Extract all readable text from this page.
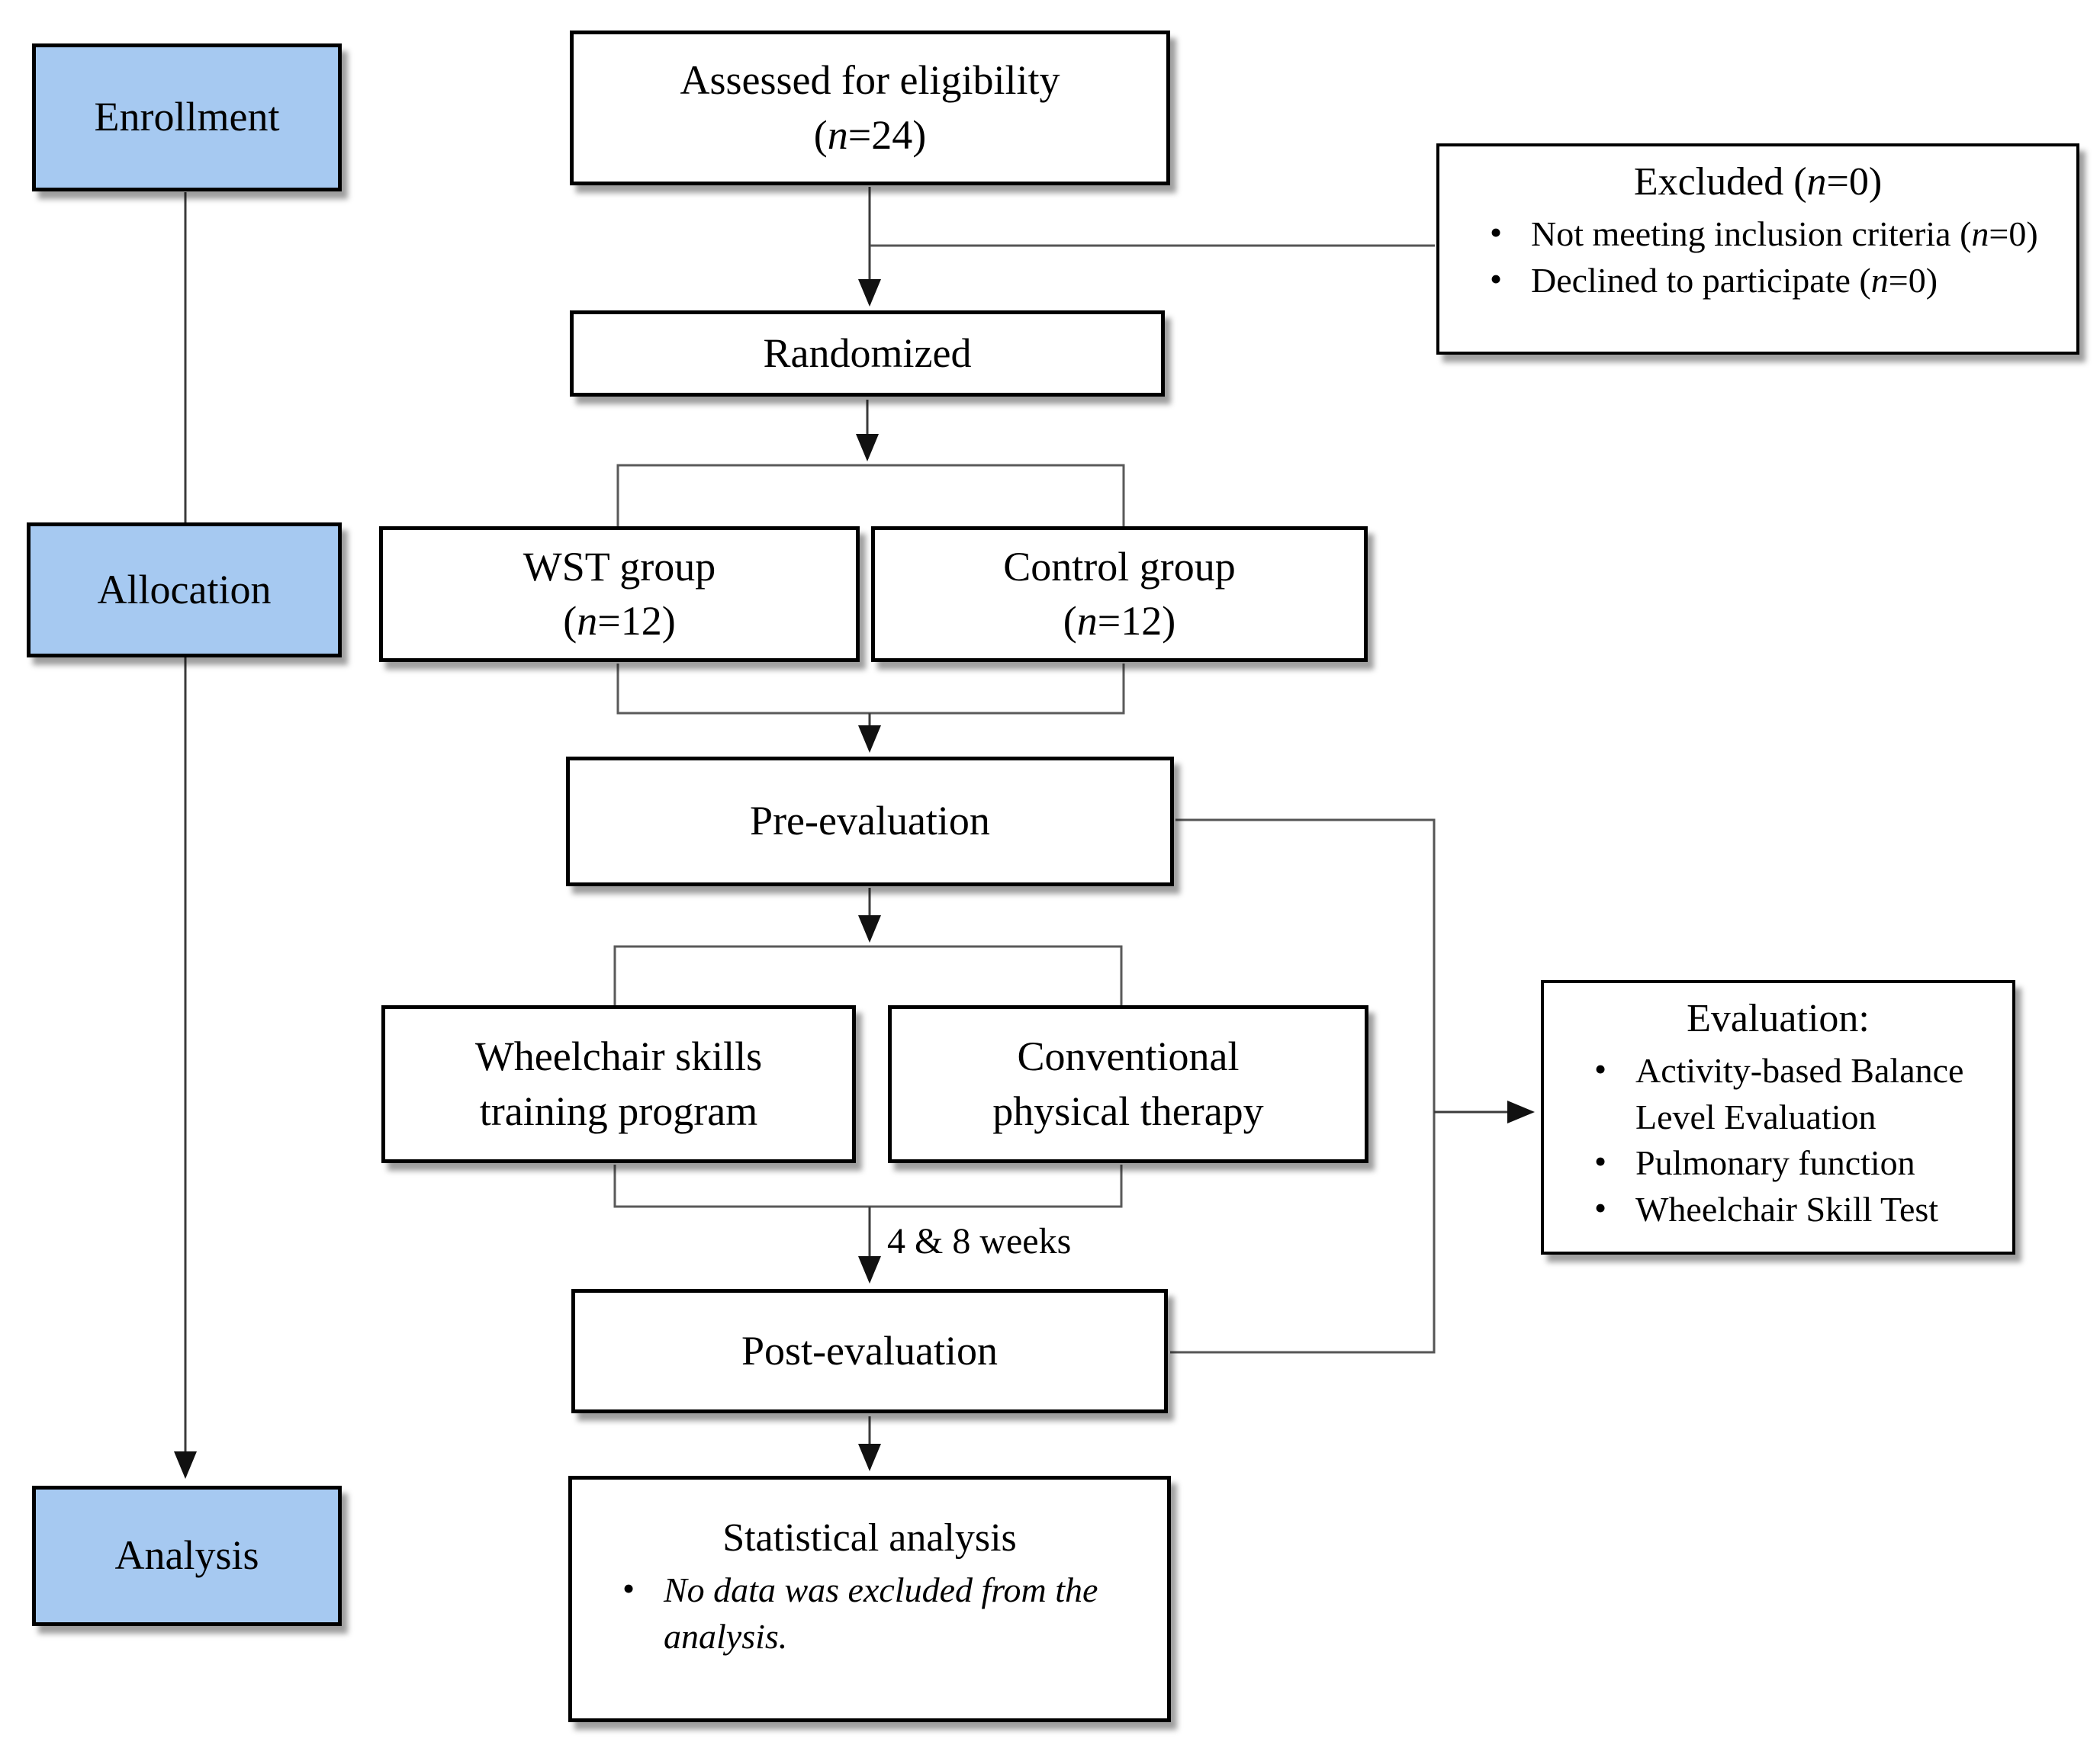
Enrollment
Allocation
Analysis
Assessed for eligibility
(n=24)
Excluded (n=0)
• Not meeting inclusion criteria (n=0)
• Declined to participate (n=0)
Randomized
WST group
(n=12)
Control group
(n=12)
Pre-evaluation
Wheelchair skills
training program
Conventional
physical therapy
Evaluation:
• Activity-based Balance Level Evaluation
• Pulmonary function
• Wheelchair Skill Test
4 & 8 weeks
Post-evaluation
Statistical analysis
• No data was excluded from the analysis.
